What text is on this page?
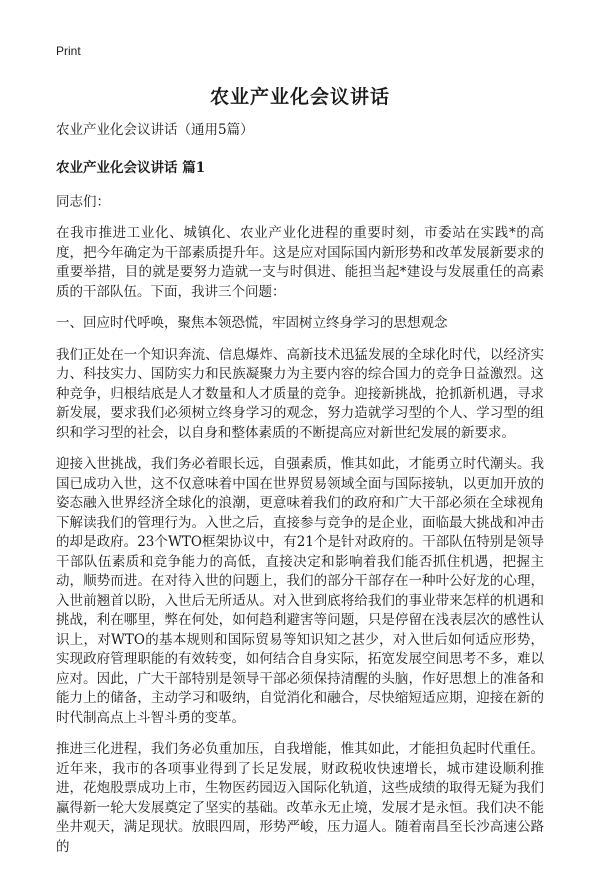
Print
农业产业化会议讲话

农业产业化会议讲话（通用5篇）

农业产业化会议讲话 篇1

同志们：

在我市推进工业化、城镇化、农业产业化进程的重要时刻，市委站在实践*的高度，把今年确定为干部素质提升年。这是应对国际国内新形势和改革发展新要求的重要举措，目的就是要努力造就一支与时俱进、能担当起*建设与发展重任的高素质的干部队伍。下面，我讲三个问题：

一、回应时代呼唤，聚焦本领恐慌，牢固树立终身学习的思想观念

我们正处在一个知识奔流、信息爆炸、高新技术迅猛发展的全球化时代，以经济实力、科技实力、国防实力和民族凝聚力为主要内容的综合国力的竞争日益激烈。这种竞争，归根结底是人才数量和人才质量的竞争。迎接新挑战，抢抓新机遇，寻求新发展，要求我们必须树立终身学习的观念，努力造就学习型的个人、学习型的组织和学习型的社会，以自身和整体素质的不断提高应对新世纪发展的新要求。

迎接入世挑战，我们务必着眼长远，自强素质，惟其如此，才能勇立时代潮头。我国已成功入世，这不仅意味着中国在世界贸易领域全面与国际接轨，以更加开放的姿态融入世界经济全球化的浪潮，更意味着我们的政府和广大干部必须在全球视角下解读我们的管理行为。入世之后，直接参与竞争的是企业，面临最大挑战和冲击的却是政府。23个WTO框架协议中，有21个是针对政府的。干部队伍特别是领导干部队伍素质和竞争能力的高低，直接决定和影响着我们能否抓住机遇，把握主动，顺势而进。在对待入世的问题上，我们的部分干部存在一种叶公好龙的心理，入世前翘首以盼，入世后无所适从。对入世到底将给我们的事业带来怎样的机遇和挑战，利在哪里，弊在何处，如何趋利避害等问题，只是停留在浅表层次的感性认识上，对WTO的基本规则和国际贸易等知识知之甚少，对入世后如何适应形势，实现政府管理职能的有效转变，如何结合自身实际，拓宽发展空间思考不多，难以应对。因此，广大干部特别是领导干部必须保持清醒的头脑，作好思想上的准备和能力上的储备，主动学习和吸纳，自觉消化和融合，尽快缩短适应期，迎接在新的时代制高点上斗智斗勇的变革。

推进三化进程，我们务必负重加压，自我增能，惟其如此，才能担负起时代重任。近年来，我市的各项事业得到了长足发展，财政税收快速增长，城市建设顺利推进，花炮股票成功上市，生物医药园迈入国际化轨道，这些成绩的取得无疑为我们赢得新一轮大发展奠定了坚实的基础。改革永无止境，发展才是永恒。我们决不能坐井观天，满足现状。放眼四周，形势严峻，压力逼人。随着南昌至长沙高速公路的
